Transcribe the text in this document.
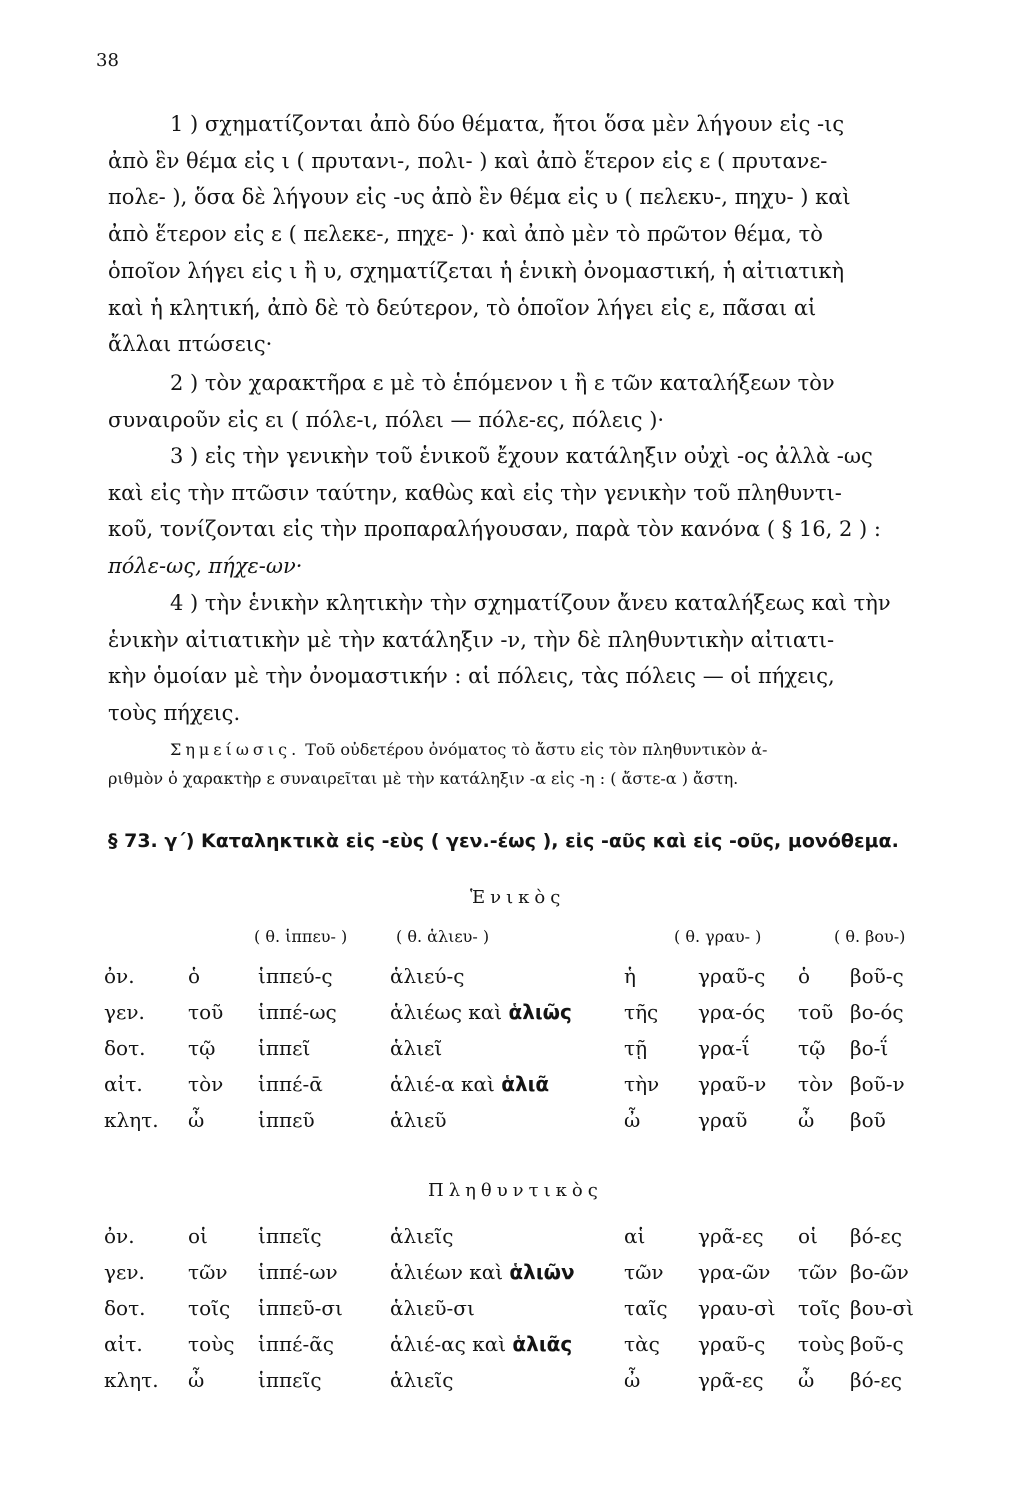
38
1 ) σχηματίζονται ἀπὸ δύο θέματα, ἤτοι ὅσα μὲν λήγουν εἰς -ις
ἀπὸ ἓν θέμα εἰς ι ( πρυτανι-, πολι- ) καὶ ἀπὸ ἕτερον εἰς ε ( πρυτανε-
πολε- ), ὅσα δὲ λήγουν εἰς -υς ἀπὸ ἓν θέμα εἰς υ ( πελεκυ-, πηχυ- ) καὶ
ἀπὸ ἕτερον εἰς ε ( πελεκε-, πηχε- )· καὶ ἀπὸ μὲν τὸ πρῶτον θέμα, τὸ
ὁποῖον λήγει εἰς ι ἢ υ, σχηματίζεται ἡ ἑνικὴ ὀνομαστική, ἡ αἰτιατικὴ
καὶ ἡ κλητική, ἀπὸ δὲ τὸ δεύτερον, τὸ ὁποῖον λήγει εἰς ε, πᾶσαι αἱ
ἄλλαι πτώσεις·
2 ) τὸν χαρακτῆρα ε μὲ τὸ ἑπόμενον ι ἢ ε τῶν καταλήξεων τὸν
συναιροῦν εἰς ει ( πόλε-ι, πόλει — πόλε-ες, πόλεις )·
3 ) εἰς τὴν γενικὴν τοῦ ἑνικοῦ ἔχουν κατάληξιν οὐχὶ -ος ἀλλὰ -ως
καὶ εἰς τὴν πτῶσιν ταύτην, καθὼς καὶ εἰς τὴν γενικὴν τοῦ πληθυντι-
κοῦ, τονίζονται εἰς τὴν προπαραλήγουσαν, παρὰ τὸν κανόνα ( § 16, 2 ) :
πόλε-ως, πήχε-ων·
4 ) τὴν ἑνικὴν κλητικὴν τὴν σχηματίζουν ἄνευ καταλήξεως καὶ τὴν
ἑνικὴν αἰτιατικὴν μὲ τὴν κατάληξιν -ν, τὴν δὲ πληθυντικὴν αἰτιατι-
κὴν ὁμοίαν μὲ τὴν ὀνομαστικήν : αἱ πόλεις, τὰς πόλεις — οἱ πήχεις,
τοὺς πήχεις.
Σημείωσις. Τοῦ οὐδετέρου ὀνόματος τὸ ἄστυ εἰς τὸν πληθυντικὸν ἀ-
ριθμὸν ὁ χαρακτὴρ ε συναιρεῖται μὲ τὴν κατάληξιν -α εἰς -η : ( ἄστε-α ) ἄστη.
§ 73. γ΄) Καταληκτικὰ εἰς -εὺς ( γεν.-έως ), εἰς -αῦς καὶ εἰς -οῦς, μονόθεμα.
Ἑνικὸς
( θ. ἱππευ- )	( θ. ἁλιευ- )	( θ. γραυ- )	( θ. βου-)
ὀν.	ὁ	ἱππεύ-ς	ἁλιεύ-ς	ἡ	γραῦ-ς	ὁ	βοῦ-ς
γεν.	τοῦ	ἱππέ-ως	ἁλιέως καὶ ἁλιῶς	τῆς	γρα-ός	τοῦ	βο-ός
δοτ.	τῷ	ἱππεῖ	ἁλιεῖ	τῇ	γρα-ΐ	τῷ	βο-ΐ
αἰτ.	τὸν	ἱππέ-ᾱ	ἁλιέ-α καὶ ἁλιᾶ	τὴν	γραῦ-ν	τὸν	βοῦ-ν
κλητ.	ὦ	ἱππεῦ	ἁλιεῦ	ὦ	γραῦ	ὦ	βοῦ
Πληθυντικὸς
ὀν.	οἱ	ἱππεῖς	ἁλιεῖς	αἱ	γρᾶ-ες	οἱ	βό-ες
γεν.	τῶν	ἱππέ-ων	ἁλιέων καὶ ἁλιῶν	τῶν	γρα-ῶν	τῶν	βο-ῶν
δοτ.	τοῖς	ἱππεῦ-σι	ἁλιεῦ-σι	ταῖς	γραυ-σὶ	τοῖς	βου-σὶ
αἰτ.	τοὺς	ἱππέ-ᾶς	ἁλιέ-ας καὶ ἁλιᾶς	τὰς	γραῦ-ς	τοὺς	βοῦ-ς
κλητ.	ὦ	ἱππεῖς	ἁλιεῖς	ὦ	γρᾶ-ες	ὦ	βό-ες
